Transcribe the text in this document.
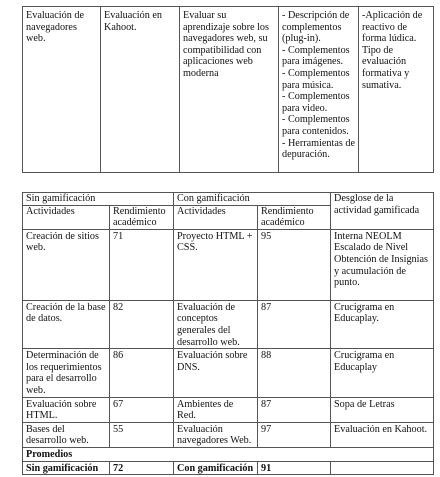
Evaluación de navegadores web.	Evaluación en Kahoot.	Evaluar su aprendizaje sobre los navegadores web, su compatibilidad con aplicaciones web moderna	- Descripción de complementos (plug-in).
- Complementos para imágenes.
- Complementos para música.
- Complementos para video.
- Complementos para contenidos.
- Herramientas de depuración.	-Aplicación de reactivo de forma lúdica. Tipo de evaluación formativa y sumativa.
Sin gamificación		Con gamificación		Desglose de la actividad gamificada
Actividades	Rendimiento académico	Actividades	Rendimiento académico	
Creación de sitios web.	71	Proyecto HTML + CSS.	95	Interna NEOLM Escalado de Nivel Obtención de Insignias y acumulación de punto.
Creación de la base de datos.	82	Evaluación de conceptos generales del desarrollo web.	87	Crucigrama en Educaplay.
Determinación de los requerimientos para el desarrollo web.	86	Evaluación sobre DNS.	88	Crucigrama en Educaplay
Evaluación sobre HTML.	67	Ambientes de Red.	87	Sopa de Letras
Bases del desarrollo web.	55	Evaluación navegadores Web.	97	Evaluación en Kahoot.
Promedios				
Sin gamificación	72	Con gamificación	91	
